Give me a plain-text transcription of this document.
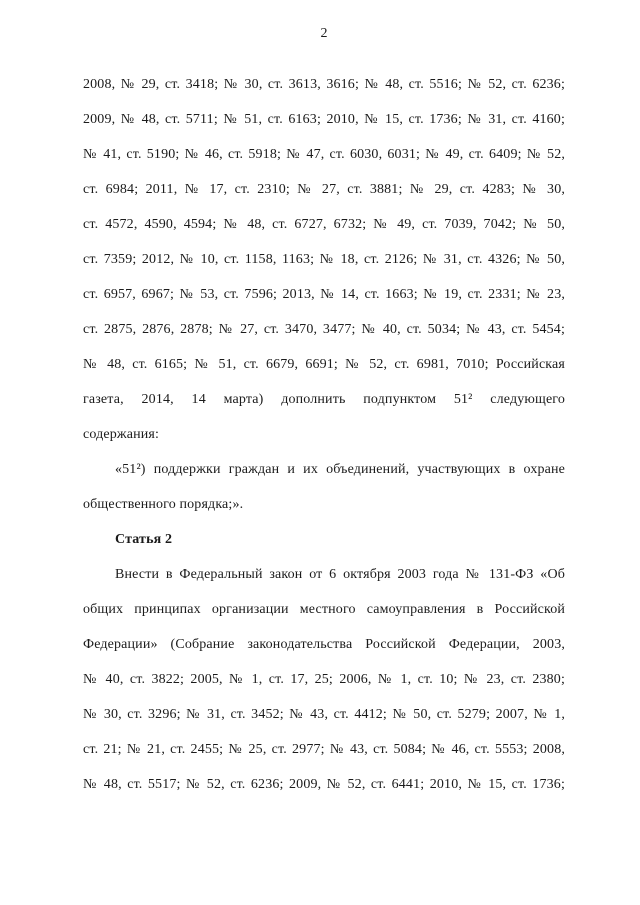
2
2008, № 29, ст. 3418; № 30, ст. 3613, 3616; № 48, ст. 5516; № 52, ст. 6236;
2009, № 48, ст. 5711; № 51, ст. 6163; 2010, № 15, ст. 1736; № 31, ст. 4160;
№ 41, ст. 5190; № 46, ст. 5918; № 47, ст. 6030, 6031; № 49, ст. 6409; № 52,
ст. 6984; 2011, № 17, ст. 2310; № 27, ст. 3881; № 29, ст. 4283; № 30,
ст. 4572, 4590, 4594; № 48, ст. 6727, 6732; № 49, ст. 7039, 7042; № 50,
ст. 7359; 2012, № 10, ст. 1158, 1163; № 18, ст. 2126; № 31, ст. 4326; № 50,
ст. 6957, 6967; № 53, ст. 7596; 2013, № 14, ст. 1663; № 19, ст. 2331; № 23,
ст. 2875, 2876, 2878; № 27, ст. 3470, 3477; № 40, ст. 5034; № 43, ст. 5454;
№ 48, ст. 6165; № 51, ст. 6679, 6691; № 52, ст. 6981, 7010; Российская
газета, 2014, 14 марта) дополнить подпунктом 51² следующего
содержания:
«51²) поддержки граждан и их объединений, участвующих в охране
общественного порядка;».
Статья 2
Внести в Федеральный закон от 6 октября 2003 года № 131-ФЗ «Об
общих принципах организации местного самоуправления в Российской
Федерации» (Собрание законодательства Российской Федерации, 2003,
№ 40, ст. 3822; 2005, № 1, ст. 17, 25; 2006, № 1, ст. 10; № 23, ст. 2380;
№ 30, ст. 3296; № 31, ст. 3452; № 43, ст. 4412; № 50, ст. 5279; 2007, № 1,
ст. 21; № 21, ст. 2455; № 25, ст. 2977; № 43, ст. 5084; № 46, ст. 5553; 2008,
№ 48, ст. 5517; № 52, ст. 6236; 2009, № 52, ст. 6441; 2010, № 15, ст. 1736;
